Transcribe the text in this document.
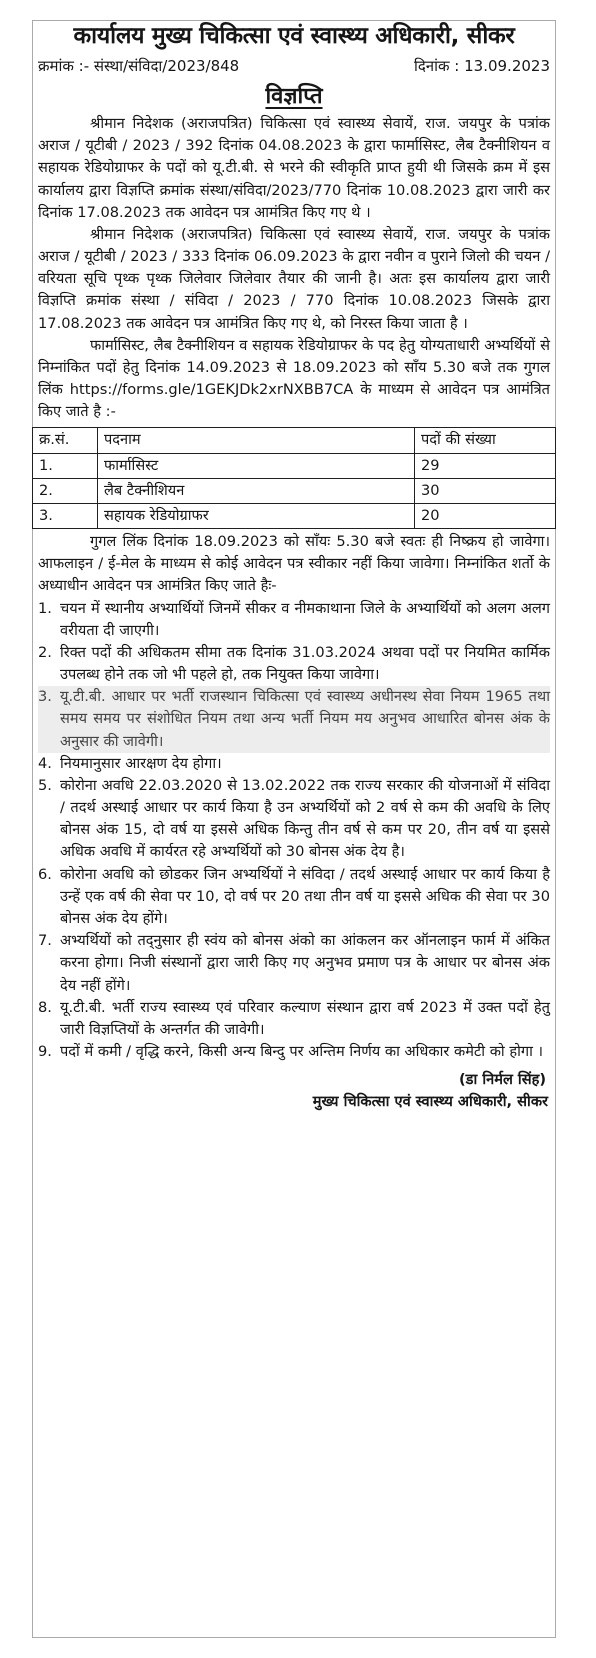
कार्यालय मुख्य चिकित्सा एवं स्वास्थ्य अधिकारी, सीकर
क्रमांक :- संस्था/संविदा/2023/848	दिनांक : 13.09.2023
विज्ञप्ति

श्रीमान निदेशक (अराजपत्रित) चिकित्सा एवं स्वास्थ्य सेवायें, राज. जयपुर के पत्रांक अराज / यूटीबी / 2023 / 392 दिनांक 04.08.2023 के द्वारा फार्मासिस्ट, लैब टैक्नीशियन व सहायक रेडियोग्राफर के पदों को यू.टी.बी. से भरने की स्वीकृति प्राप्त हुयी थी जिसके क्रम में इस कार्यालय द्वारा विज्ञप्ति क्रमांक संस्था/संविदा/2023/770 दिनांक 10.08.2023 द्वारा जारी कर दिनांक 17.08.2023 तक आवेदन पत्र आमंत्रित किए गए थे ।

श्रीमान निदेशक (अराजपत्रित) चिकित्सा एवं स्वास्थ्य सेवायें, राज. जयपुर के पत्रांक अराज / यूटीबी / 2023 / 333 दिनांक 06.09.2023 के द्वारा नवीन व पुराने जिलो की चयन / वरियता सूचि पृथ्क पृथ्क जिलेवार जिलेवार तैयार की जानी है। अतः इस कार्यालय द्वारा जारी विज्ञप्ति क्रमांक संस्था / संविदा / 2023 / 770 दिनांक 10.08.2023 जिसके द्वारा 17.08.2023 तक आवेदन पत्र आमंत्रित किए गए थे, को निरस्त किया जाता है ।

फार्मासिस्ट, लैब टैक्नीशियन व सहायक रेडियोग्राफर के पद हेतु योग्यताधारी अभ्यर्थियों से निम्नांकित पदों हेतु दिनांक 14.09.2023 से 18.09.2023 को साँय 5.30 बजे तक गुगल लिंक https://forms.gle/1GEKJDk2xrNXBB7CA के माध्यम से आवेदन पत्र आमंत्रित किए जाते है :-

क्र.सं.	पदनाम	पदों की संख्या
1.	फार्मासिस्ट	29
2.	लैब टैक्नीशियन	30
3.	सहायक रेडियोग्राफर	20

गुगल लिंक दिनांक 18.09.2023 को साँयः 5.30 बजे स्वतः ही निष्क्रय हो जावेगा। आफलाइन / ई-मेल के माध्यम से कोई आवेदन पत्र स्वीकार नहीं किया जावेगा। निम्नांकित शर्तो के अध्याधीन आवेदन पत्र आमंत्रित किए जाते हैः-

1. चयन में स्थानीय अभ्यार्थियों जिनमें सीकर व नीमकाथाना जिले के अभ्यार्थियों को अलग अलग वरीयता दी जाएगी।
2. रिक्त पदों की अधिकतम सीमा तक दिनांक 31.03.2024 अथवा पदों पर नियमित कार्मिक उपलब्ध होने तक जो भी पहले हो, तक नियुक्त किया जावेगा।
3. यू.टी.बी. आधार पर भर्ती राजस्थान चिकित्सा एवं स्वास्थ्य अधीनस्थ सेवा नियम 1965 तथा समय समय पर संशोधित नियम तथा अन्य भर्ती नियम मय अनुभव आधारित बोनस अंक के अनुसार की जावेगी।
4. नियमानुसार आरक्षण देय होगा।
5. कोरोना अवधि 22.03.2020 से 13.02.2022 तक राज्य सरकार की योजनाओं में संविदा / तदर्थ अस्थाई आधार पर कार्य किया है उन अभ्यर्थियों को 2 वर्ष से कम की अवधि के लिए बोनस अंक 15, दो वर्ष या इससे अधिक किन्तु तीन वर्ष से कम पर 20, तीन वर्ष या इससे अधिक अवधि में कार्यरत रहे अभ्यर्थियों को 30 बोनस अंक देय है।
6. कोरोना अवधि को छोडकर जिन अभ्यर्थियों ने संविदा / तदर्थ अस्थाई आधार पर कार्य किया है उन्हें एक वर्ष की सेवा पर 10, दो वर्ष पर 20 तथा तीन वर्ष या इससे अधिक की सेवा पर 30 बोनस अंक देय होंगे।
7. अभ्यर्थियों को तद्‌नुसार ही स्वंय को बोनस अंको का आंकलन कर ऑनलाइन फार्म में अंकित करना होगा। निजी संस्थानों द्वारा जारी किए गए अनुभव प्रमाण पत्र के आधार पर बोनस अंक देय नहीं होंगे।
8. यू.टी.बी. भर्ती राज्य स्वास्थ्य एवं परिवार कल्याण संस्थान द्वारा वर्ष 2023 में उक्त पदों हेतु जारी विज्ञप्तियों के अन्तर्गत की जावेगी।
9. पदों में कमी / वृद्धि करने, किसी अन्य बिन्दु पर अन्तिम निर्णय का अधिकार कमेटी को होगा ।
(डा निर्मल सिंह)
मुख्य चिकित्सा एवं स्वास्थ्य अधिकारी, सीकर
